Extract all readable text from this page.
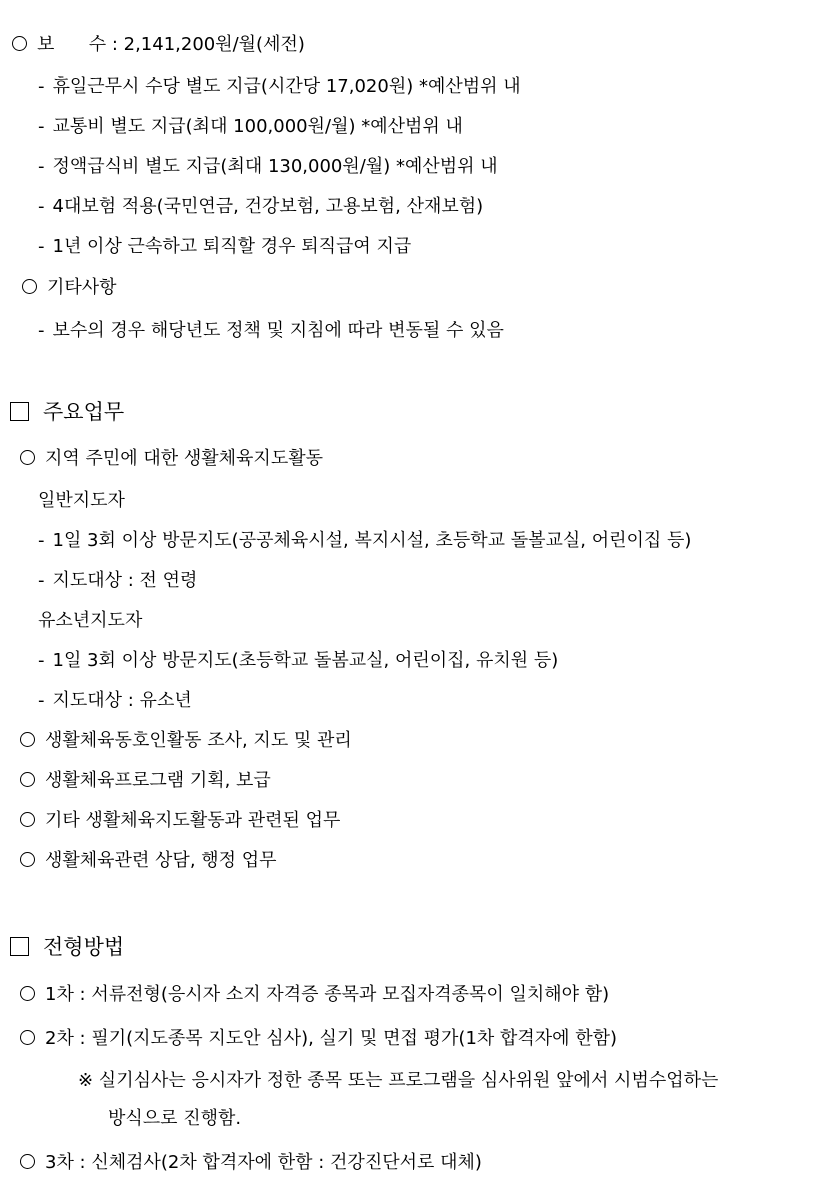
보      수 : 2,141,200원/월(세전)
- 휴일근무시 수당 별도 지급(시간당 17,020원) *예산범위 내
- 교통비 별도 지급(최대 100,000원/월) *예산범위 내
- 정액급식비 별도 지급(최대 130,000원/월) *예산범위 내
- 4대보험 적용(국민연금, 건강보험, 고용보험, 산재보험)
- 1년 이상 근속하고 퇴직할 경우 퇴직급여 지급
기타사항
- 보수의 경우 해당년도 정책 및 지침에 따라 변동될 수 있음
주요업무
지역 주민에 대한 생활체육지도활동
일반지도자
- 1일 3회 이상 방문지도(공공체육시설, 복지시설, 초등학교 돌볼교실, 어린이집 등)
- 지도대상 : 전 연령
유소년지도자
- 1일 3회 이상 방문지도(초등학교 돌봄교실, 어린이집, 유치원 등)
- 지도대상 : 유소년
생활체육동호인활동 조사, 지도 및 관리
생활체육프로그램 기획, 보급
기타 생활체육지도활동과 관련된 업무
생활체육관련 상담, 행정 업무
전형방법
1차 : 서류전형(응시자 소지 자격증 종목과 모집자격종목이 일치해야 함)
2차 : 필기(지도종목 지도안 심사), 실기 및 면접 평가(1차 합격자에 한함)
※ 실기심사는 응시자가 정한 종목 또는 프로그램을 심사위원 앞에서 시범수업하는
방식으로 진행함.
3차 : 신체검사(2차 합격자에 한함 : 건강진단서로 대체)
